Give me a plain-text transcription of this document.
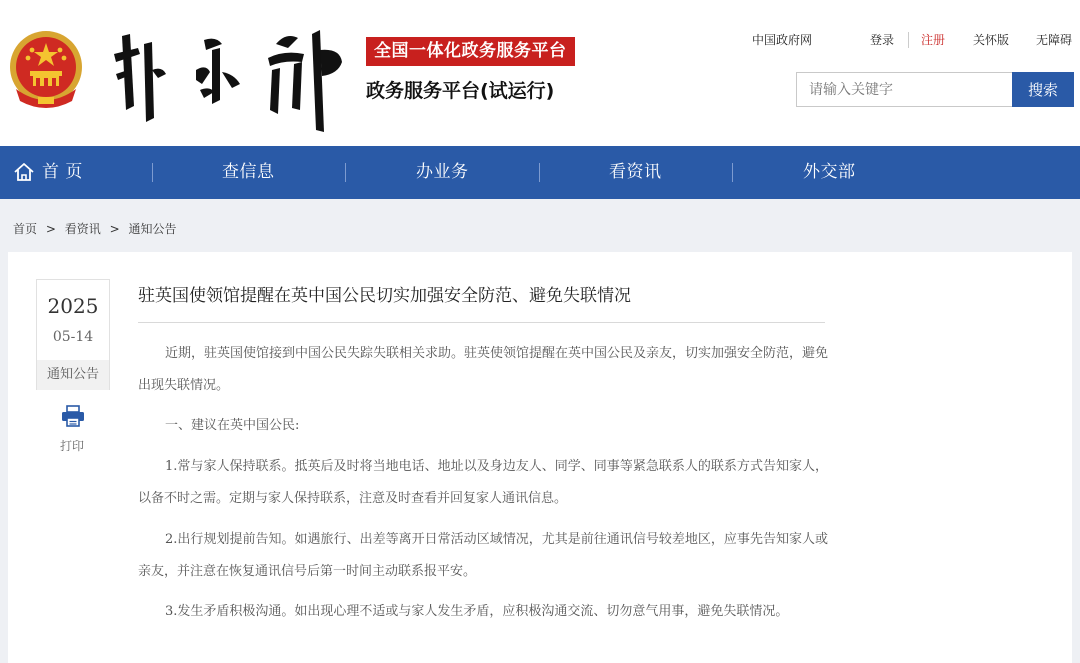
全国一体化政务服务平台
政务服务平台(试运行)
中国政府网	登录 注册 关怀版 无障碍
请输入关键字
搜索
首 页	查信息	办业务	看资讯	外交部
首页 > 看资讯 > 通知公告
2025
05-14
通知公告
打印
驻英国使领馆提醒在英中国公民切实加强安全防范、避免失联情况

近期，驻英国使馆接到中国公民失踪失联相关求助。驻英使领馆提醒在英中国公民及亲友，切实加强安全防范，避免出现失联情况。

一、建议在英中国公民:

1.常与家人保持联系。抵英后及时将当地电话、地址以及身边友人、同学、同事等紧急联系人的联系方式告知家人，以备不时之需。定期与家人保持联系，注意及时查看并回复家人通讯信息。

2.出行规划提前告知。如遇旅行、出差等离开日常活动区域情况，尤其是前往通讯信号较差地区，应事先告知家人或亲友，并注意在恢复通讯信号后第一时间主动联系报平安。

3.发生矛盾积极沟通。如出现心理不适或与家人发生矛盾，应积极沟通交流、切勿意气用事，避免失联情况。
